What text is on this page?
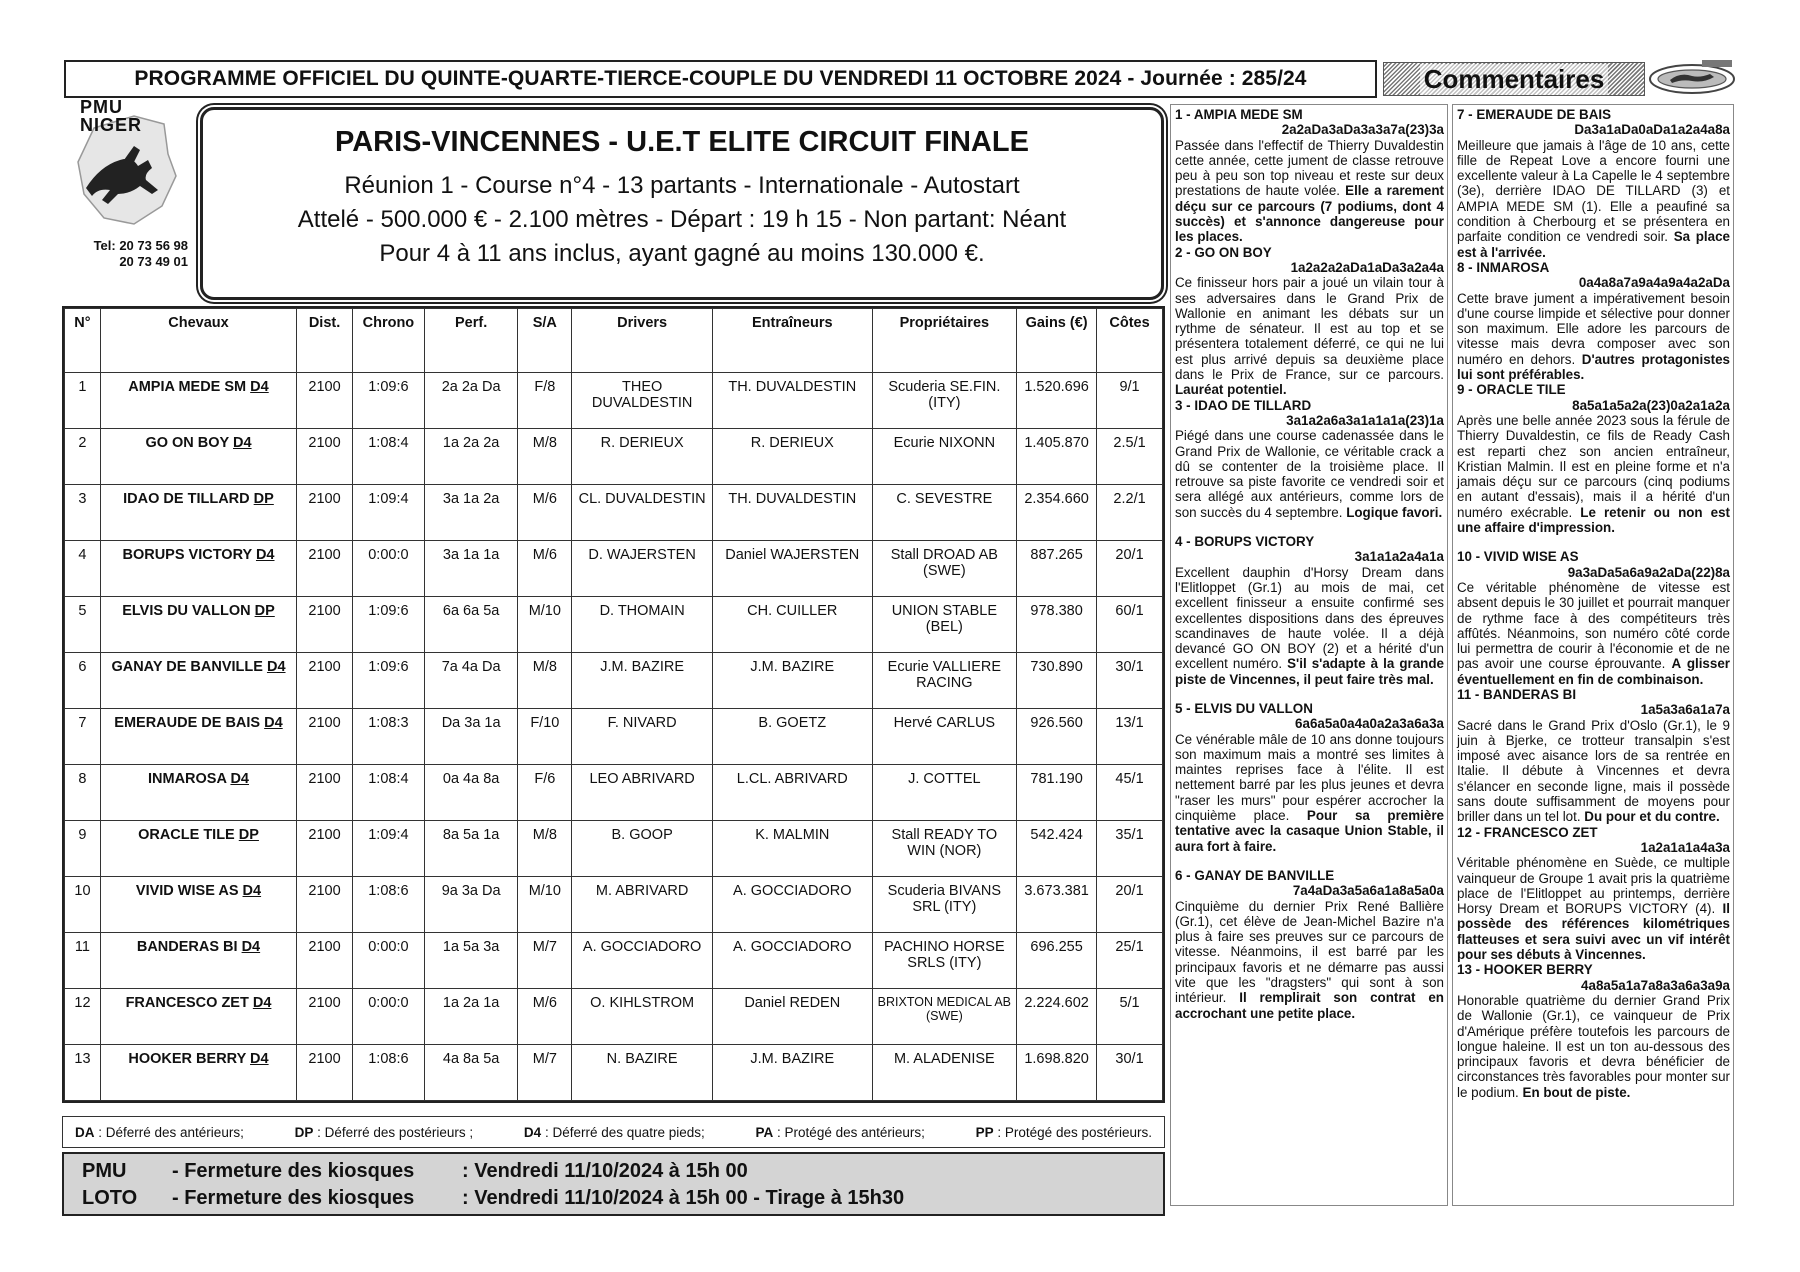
PROGRAMME OFFICIEL DU QUINTE-QUARTE-TIERCE-COUPLE DU VENDREDI 11 OCTOBRE 2024 - Journée : 285/24	Commentaires
PMU NIGER
Tel: 20 73 56 98
20 73 49 01
PARIS-VINCENNES - U.E.T ELITE CIRCUIT FINALE
Réunion 1 - Course n°4 - 13 partants - Internationale - Autostart
Attelé - 500.000 € - 2.100 mètres - Départ : 19 h 15 - Non partant: Néant
Pour 4 à 11 ans inclus, ayant gagné au moins 130.000 €.
N°	Chevaux	Dist.	Chrono	Perf.	S/A	Drivers	Entraîneurs	Propriétaires	Gains (€)	Côtes
1	AMPIA MEDE SM D4	2100	1:09:6	2a 2a Da	F/8	THEO DUVALDESTIN	TH. DUVALDESTIN	Scuderia SE.FIN. (ITY)	1.520.696	9/1
2	GO ON BOY D4	2100	1:08:4	1a 2a 2a	M/8	R. DERIEUX	R. DERIEUX	Ecurie NIXONN	1.405.870	2.5/1
3	IDAO DE TILLARD DP	2100	1:09:4	3a 1a 2a	M/6	CL. DUVALDESTIN	TH. DUVALDESTIN	C. SEVESTRE	2.354.660	2.2/1
4	BORUPS VICTORY D4	2100	0:00:0	3a 1a 1a	M/6	D. WAJERSTEN	Daniel WAJERSTEN	Stall DROAD AB (SWE)	887.265	20/1
5	ELVIS DU VALLON DP	2100	1:09:6	6a 6a 5a	M/10	D. THOMAIN	CH. CUILLER	UNION STABLE (BEL)	978.380	60/1
6	GANAY DE BANVILLE D4	2100	1:09:6	7a 4a Da	M/8	J.M. BAZIRE	J.M. BAZIRE	Ecurie VALLIERE RACING	730.890	30/1
7	EMERAUDE DE BAIS D4	2100	1:08:3	Da 3a 1a	F/10	F. NIVARD	B. GOETZ	Hervé CARLUS	926.560	13/1
8	INMAROSA D4	2100	1:08:4	0a 4a 8a	F/6	LEO ABRIVARD	L.CL. ABRIVARD	J. COTTEL	781.190	45/1
9	ORACLE TILE DP	2100	1:09:4	8a 5a 1a	M/8	B. GOOP	K. MALMIN	Stall READY TO WIN (NOR)	542.424	35/1
10	VIVID WISE AS D4	2100	1:08:6	9a 3a Da	M/10	M. ABRIVARD	A. GOCCIADORO	Scuderia BIVANS SRL (ITY)	3.673.381	20/1
11	BANDERAS BI D4	2100	0:00:0	1a 5a 3a	M/7	A. GOCCIADORO	A. GOCCIADORO	PACHINO HORSE SRLS (ITY)	696.255	25/1
12	FRANCESCO ZET D4	2100	0:00:0	1a 2a 1a	M/6	O. KIHLSTROM	Daniel REDEN	BRIXTON MEDICAL AB (SWE)	2.224.602	5/1
13	HOOKER BERRY D4	2100	1:08:6	4a 8a 5a	M/7	N. BAZIRE	J.M. BAZIRE	M. ALADENISE	1.698.820	30/1
DA : Déferré des antérieurs;	DP : Déferré des postérieurs ;	D4 : Déferré des quatre pieds;	PA : Protégé des antérieurs;	PP : Protégé des postérieurs.
PMU	- Fermeture des kiosques	: Vendredi 11/10/2024 à 15h 00
LOTO	- Fermeture des kiosques	: Vendredi 11/10/2024 à 15h 00 - Tirage à 15h30
1 - AMPIA MEDE SM
2a2aDa3aDa3a3a7a(23)3a
Passée dans l'effectif de Thierry Duvaldestin cette année, cette jument de classe retrouve peu à peu son top niveau et reste sur deux prestations de haute volée. Elle a rarement déçu sur ce parcours (7 podiums, dont 4 succès) et s'annonce dangereuse pour les places.
2 - GO ON BOY
1a2a2a2aDa1aDa3a2a4a
Ce finisseur hors pair a joué un vilain tour à ses adversaires dans le Grand Prix de Wallonie en animant les débats sur un rythme de sénateur. Il est au top et se présentera totalement déferré, ce qui ne lui est plus arrivé depuis sa deuxième place dans le Prix de France, sur ce parcours. Lauréat potentiel.
3 - IDAO DE TILLARD
3a1a2a6a3a1a1a1a(23)1a
Piégé dans une course cadenassée dans le Grand Prix de Wallonie, ce véritable crack a dû se contenter de la troisième place. Il retrouve sa piste favorite ce vendredi soir et sera allégé aux antérieurs, comme lors de son succès du 4 septembre. Logique favori.
4 - BORUPS VICTORY
3a1a1a2a4a1a
Excellent dauphin d'Horsy Dream dans l'Elitloppet (Gr.1) au mois de mai, cet excellent finisseur a ensuite confirmé ses excellentes dispositions dans des épreuves scandinaves de haute volée. Il a déjà devancé GO ON BOY (2) et a hérité d'un excellent numéro. S'il s'adapte à la grande piste de Vincennes, il peut faire très mal.
5 - ELVIS DU VALLON
6a6a5a0a4a0a2a3a6a3a
Ce vénérable mâle de 10 ans donne toujours son maximum mais a montré ses limites à maintes reprises face à l'élite. Il est nettement barré par les plus jeunes et devra "raser les murs" pour espérer accrocher la cinquième place. Pour sa première tentative avec la casaque Union Stable, il aura fort à faire.
6 - GANAY DE BANVILLE
7a4aDa3a5a6a1a8a5a0a
Cinquième du dernier Prix René Ballière (Gr.1), cet élève de Jean-Michel Bazire n'a plus à faire ses preuves sur ce parcours de vitesse. Néanmoins, il est barré par les principaux favoris et ne démarre pas aussi vite que les "dragsters" qui sont à son intérieur. Il remplirait son contrat en accrochant une petite place.
7 - EMERAUDE DE BAIS
Da3a1aDa0aDa1a2a4a8a
Meilleure que jamais à l'âge de 10 ans, cette fille de Repeat Love a encore fourni une excellente valeur à La Capelle le 4 septembre (3e), derrière IDAO DE TILLARD (3) et AMPIA MEDE SM (1). Elle a peaufiné sa condition à Cherbourg et se présentera en parfaite condition ce vendredi soir. Sa place est à l'arrivée.
8 - INMAROSA
0a4a8a7a9a4a9a4a2aDa
Cette brave jument a impérativement besoin d'une course limpide et sélective pour donner son maximum. Elle adore les parcours de vitesse mais devra composer avec son numéro en dehors. D'autres protagonistes lui sont préférables.
9 - ORACLE TILE
8a5a1a5a2a(23)0a2a1a2a
Après une belle année 2023 sous la férule de Thierry Duvaldestin, ce fils de Ready Cash est reparti chez son ancien entraîneur, Kristian Malmin. Il est en pleine forme et n'a jamais déçu sur ce parcours (cinq podiums en autant d'essais), mais il a hérité d'un numéro exécrable. Le retenir ou non est une affaire d'impression.
10 - VIVID WISE AS
9a3aDa5a6a9a2aDa(22)8a
Ce véritable phénomène de vitesse est absent depuis le 30 juillet et pourrait manquer de rythme face à des compétiteurs très affûtés. Néanmoins, son numéro côté corde lui permettra de courir à l'économie et de ne pas avoir une course éprouvante. A glisser éventuellement en fin de combinaison.
11 - BANDERAS BI
1a5a3a6a1a7a
Sacré dans le Grand Prix d'Oslo (Gr.1), le 9 juin à Bjerke, ce trotteur transalpin s'est imposé avec aisance lors de sa rentrée en Italie. Il débute à Vincennes et devra s'élancer en seconde ligne, mais il possède sans doute suffisamment de moyens pour briller dans un tel lot. Du pour et du contre.
12 - FRANCESCO ZET
1a2a1a1a4a3a
Véritable phénomène en Suède, ce multiple vainqueur de Groupe 1 avait pris la quatrième place de l'Elitloppet au printemps, derrière Horsy Dream et BORUPS VICTORY (4). Il possède des références kilométriques flatteuses et sera suivi avec un vif intérêt pour ses débuts à Vincennes.
13 - HOOKER BERRY
4a8a5a1a7a8a3a6a3a9a
Honorable quatrième du dernier Grand Prix de Wallonie (Gr.1), ce vainqueur de Prix d'Amérique préfère toutefois les parcours de longue haleine. Il est un ton au-dessous des principaux favoris et devra bénéficier de circonstances très favorables pour monter sur le podium. En bout de piste.
